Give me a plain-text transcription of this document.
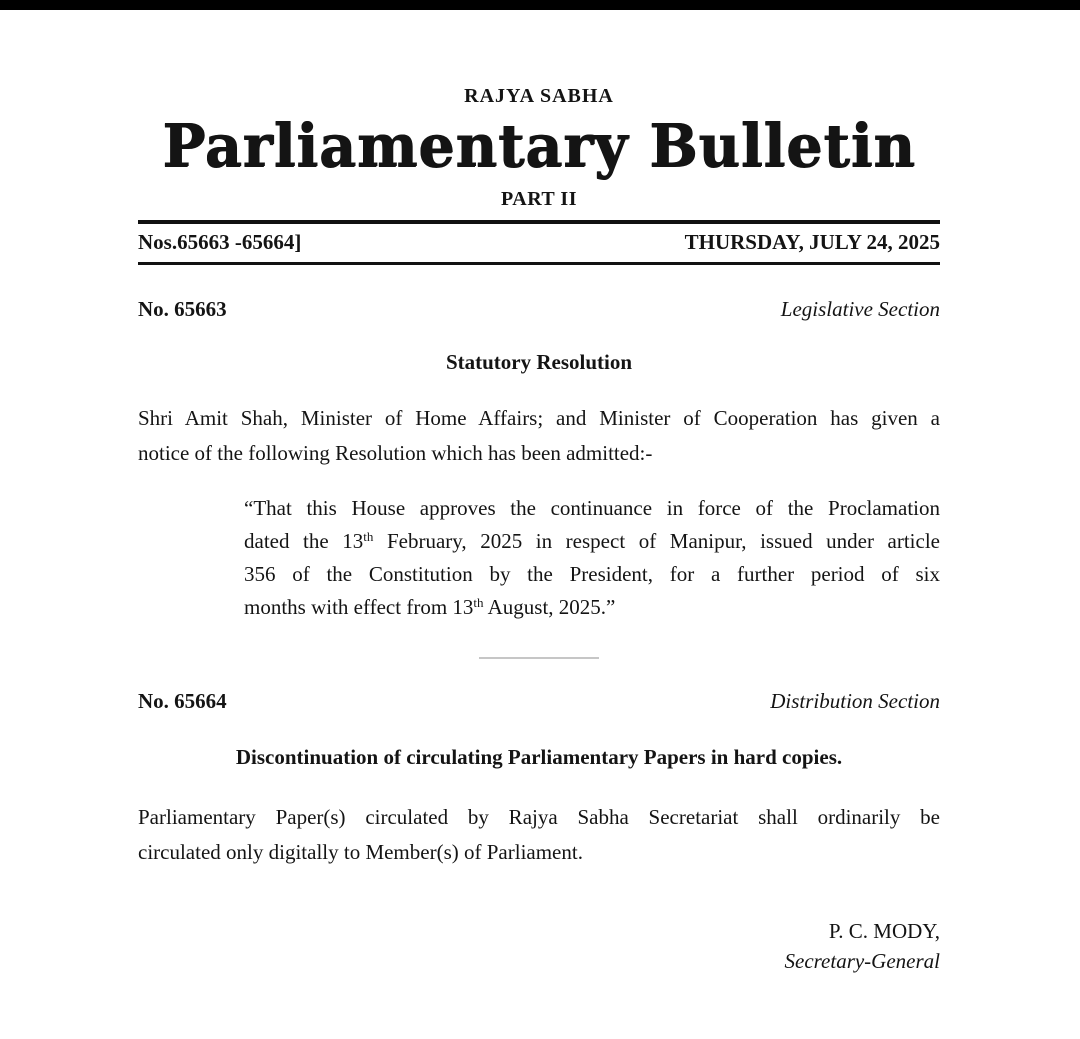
RAJYA SABHA
Parliamentary Bulletin
PART II
Nos.65663 -65664]	THURSDAY, JULY 24, 2025
No. 65663	Legislative Section
Statutory Resolution
Shri Amit Shah, Minister of Home Affairs; and Minister of Cooperation has given a
notice of the following Resolution which has been admitted:-
“That this House approves the continuance in force of the Proclamation
dated the 13th February, 2025 in respect of Manipur, issued under article
356 of the Constitution by the President, for a further period of six
months with effect from 13th August, 2025.”
No. 65664	Distribution Section
Discontinuation of circulating Parliamentary Papers in hard copies.
Parliamentary Paper(s) circulated by Rajya Sabha Secretariat shall ordinarily be
circulated only digitally to Member(s) of Parliament.
P. C. MODY,
Secretary-General
